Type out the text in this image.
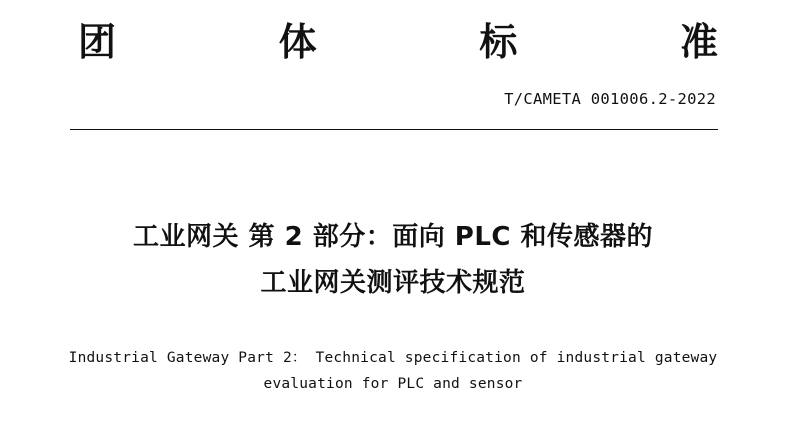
团	体	标	准
T/CAMETA 001006.2-2022
工业网关 第 2 部分：面向 PLC 和传感器的
工业网关测评技术规范
Industrial Gateway Part 2： Technical specification of industrial gateway
evaluation for PLC and sensor
